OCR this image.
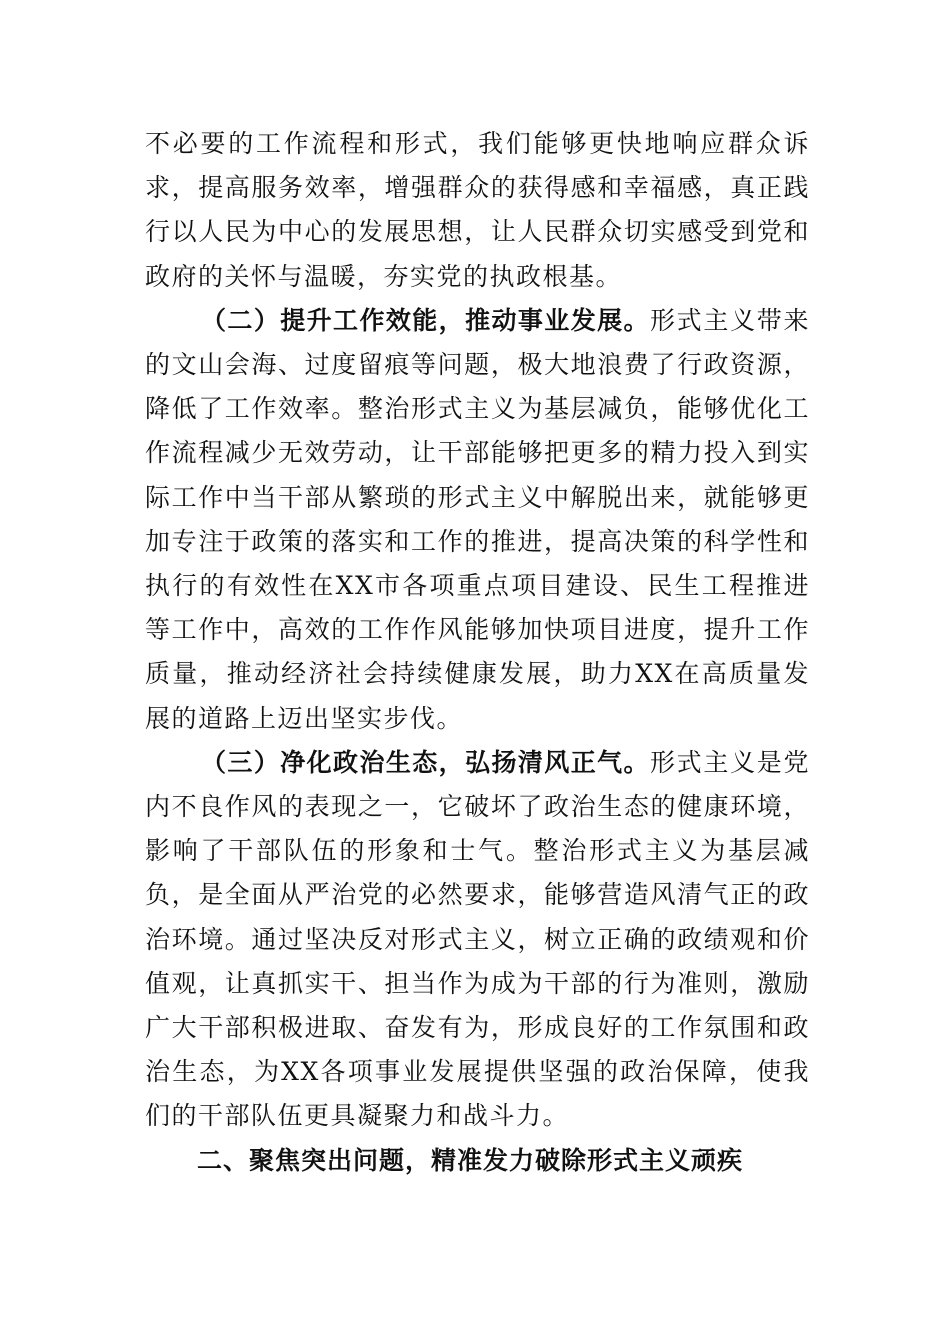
不必要的工作流程和形式，我们能够更快地响应群众诉求，提高服务效率，增强群众的获得感和幸福感，真正践行以人民为中心的发展思想，让人民群众切实感受到党和政府的关怀与温暖，夯实党的执政根基。

（二）提升工作效能，推动事业发展。形式主义带来的文山会海、过度留痕等问题，极大地浪费了行政资源，降低了工作效率。整治形式主义为基层减负，能够优化工作流程减少无效劳动，让干部能够把更多的精力投入到实际工作中当干部从繁琐的形式主义中解脱出来，就能够更加专注于政策的落实和工作的推进，提高决策的科学性和执行的有效性在XX市各项重点项目建设、民生工程推进等工作中，高效的工作作风能够加快项目进度，提升工作质量，推动经济社会持续健康发展，助力XX在高质量发展的道路上迈出坚实步伐。

（三）净化政治生态，弘扬清风正气。形式主义是党内不良作风的表现之一，它破坏了政治生态的健康环境，影响了干部队伍的形象和士气。整治形式主义为基层减负，是全面从严治党的必然要求，能够营造风清气正的政治环境。通过坚决反对形式主义，树立正确的政绩观和价值观，让真抓实干、担当作为成为干部的行为准则，激励广大干部积极进取、奋发有为，形成良好的工作氛围和政治生态，为XX各项事业发展提供坚强的政治保障，使我们的干部队伍更具凝聚力和战斗力。

二、聚焦突出问题，精准发力破除形式主义顽疾
